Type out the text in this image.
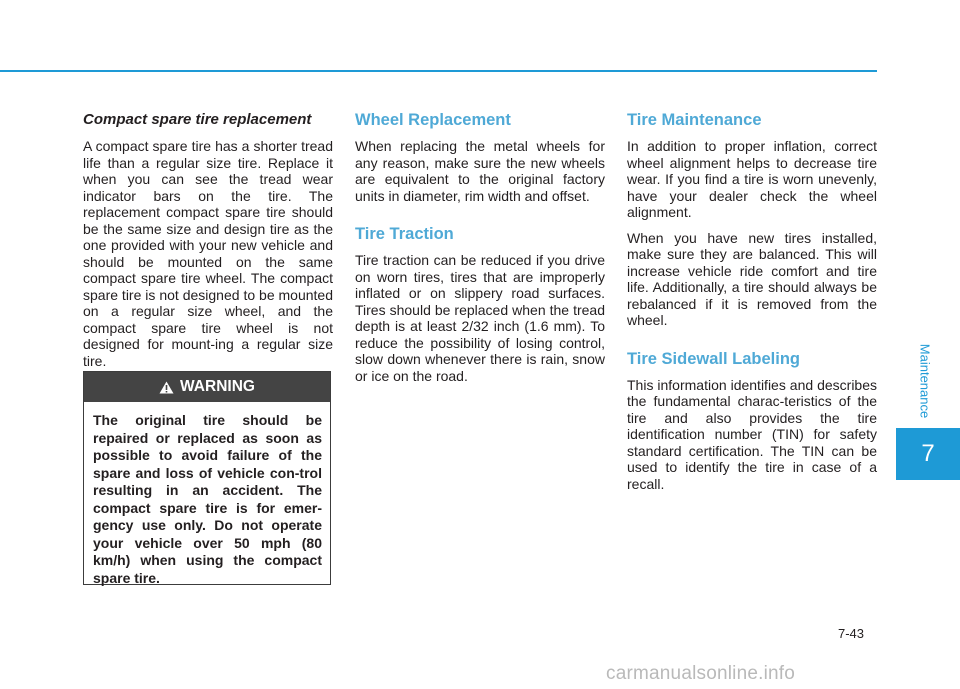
Compact spare tire replacement

A compact spare tire has a shorter tread life than a regular size tire. Replace it when you can see the tread wear indicator bars on the tire. The replacement compact spare tire should be the same size and design tire as the one provided with your new vehicle and should be mounted on the same compact spare tire wheel. The compact spare tire is not designed to be mounted on a regular size wheel, and the compact spare tire wheel is not designed for mount-ing a regular size tire.

WARNING
The original tire should be repaired or replaced as soon as possible to avoid failure of the spare and loss of vehicle con-trol resulting in an accident. The compact spare tire is for emer-gency use only. Do not operate your vehicle over 50 mph (80 km/h) when using the compact spare tire.
Wheel Replacement

When replacing the metal wheels for any reason, make sure the new wheels are equivalent to the original factory units in diameter, rim width and offset.

Tire Traction

Tire traction can be reduced if you drive on worn tires, tires that are improperly inflated or on slippery road surfaces. Tires should be replaced when the tread depth is at least 2/32 inch (1.6 mm). To reduce the possibility of losing control, slow down whenever there is rain, snow or ice on the road.

Tire Maintenance

In addition to proper inflation, correct wheel alignment helps to decrease tire wear. If you find a tire is worn unevenly, have your dealer check the wheel alignment.

When you have new tires installed, make sure they are balanced. This will increase vehicle ride comfort and tire life. Additionally, a tire should always be rebalanced if it is removed from the wheel.

Tire Sidewall Labeling

This information identifies and describes the fundamental charac-teristics of the tire and also provides the tire identification number (TIN) for safety standard certification. The TIN can be used to identify the tire in case of a recall.

Maintenance
7
7-43
carmanualsonline.info
